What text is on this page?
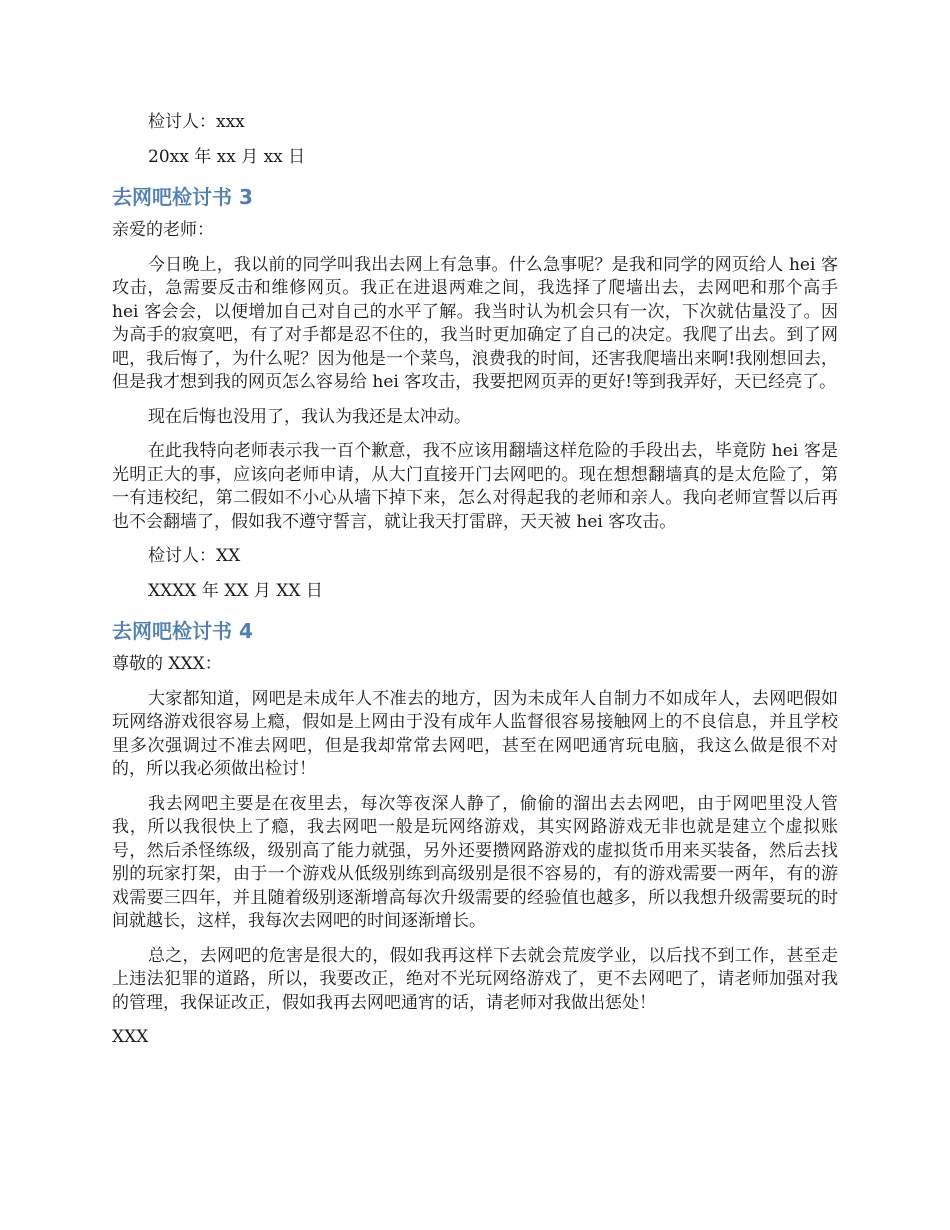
检讨人：xxx

20xx 年 xx 月 xx 日

去网吧检讨书 3

亲爱的老师：

今日晚上，我以前的同学叫我出去网上有急事。什么急事呢？是我和同学的网页给人 hei 客攻击，急需要反击和维修网页。我正在进退两难之间，我选择了爬墙出去，去网吧和那个高手 hei 客会会，以便增加自己对自己的水平了解。我当时认为机会只有一次，下次就估量没了。因为高手的寂寞吧，有了对手都是忍不住的，我当时更加确定了自己的决定。我爬了出去。到了网吧，我后悔了，为什么呢？因为他是一个菜鸟，浪费我的时间，还害我爬墙出来啊!我刚想回去，但是我才想到我的网页怎么容易给 hei 客攻击，我要把网页弄的更好!等到我弄好，天已经亮了。

现在后悔也没用了，我认为我还是太冲动。

在此我特向老师表示我一百个歉意，我不应该用翻墙这样危险的手段出去，毕竟防 hei 客是光明正大的事，应该向老师申请，从大门直接开门去网吧的。现在想想翻墙真的是太危险了，第一有违校纪，第二假如不小心从墙下掉下来，怎么对得起我的老师和亲人。我向老师宣誓以后再也不会翻墙了，假如我不遵守誓言，就让我天打雷辟，天天被 hei 客攻击。

检讨人：XX

XXXX 年 XX 月 XX 日

去网吧检讨书 4

尊敬的 XXX：

大家都知道，网吧是未成年人不准去的地方，因为未成年人自制力不如成年人，去网吧假如玩网络游戏很容易上瘾，假如是上网由于没有成年人监督很容易接触网上的不良信息，并且学校里多次强调过不准去网吧，但是我却常常去网吧，甚至在网吧通宵玩电脑，我这么做是很不对的，所以我必须做出检讨！

我去网吧主要是在夜里去，每次等夜深人静了，偷偷的溜出去去网吧，由于网吧里没人管我，所以我很快上了瘾，我去网吧一般是玩网络游戏，其实网路游戏无非也就是建立个虚拟账号，然后杀怪练级，级别高了能力就强，另外还要攒网路游戏的虚拟货币用来买装备，然后去找别的玩家打架，由于一个游戏从低级别练到高级别是很不容易的，有的游戏需要一两年，有的游戏需要三四年，并且随着级别逐渐增高每次升级需要的经验值也越多，所以我想升级需要玩的时间就越长，这样，我每次去网吧的时间逐渐增长。

总之，去网吧的危害是很大的，假如我再这样下去就会荒废学业，以后找不到工作，甚至走上违法犯罪的道路，所以，我要改正，绝对不光玩网络游戏了，更不去网吧了，请老师加强对我的管理，我保证改正，假如我再去网吧通宵的话，请老师对我做出惩处！

XXX
